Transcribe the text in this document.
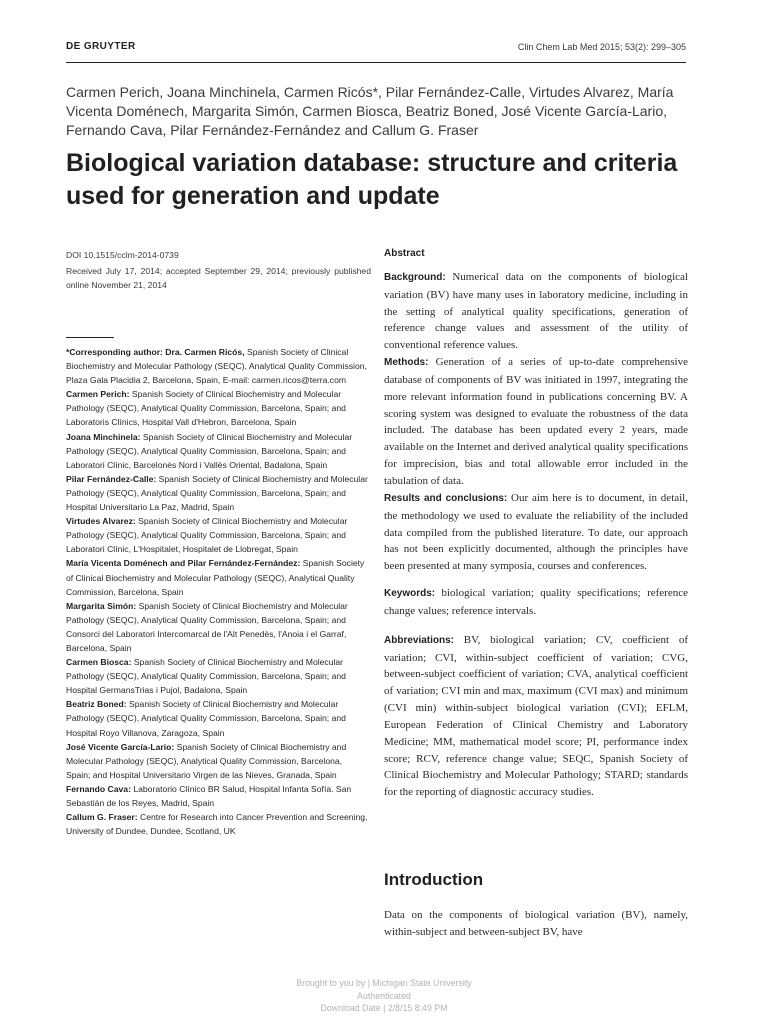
DE GRUYTER	Clin Chem Lab Med 2015; 53(2): 299–305
Carmen Perich, Joana Minchinela, Carmen Ricós*, Pilar Fernández-Calle, Virtudes Alvarez, María Vicenta Doménech, Margarita Simón, Carmen Biosca, Beatriz Boned, José Vicente García-Lario, Fernando Cava, Pilar Fernández-Fernández and Callum G. Fraser
Biological variation database: structure and criteria used for generation and update
DOI 10.1515/cclm-2014-0739
Received July 17, 2014; accepted September 29, 2014; previously published online November 21, 2014

*Corresponding author: Dra. Carmen Ricós, Spanish Society of Clinical Biochemistry and Molecular Pathology (SEQC), Analytical Quality Commission, Plaza Gala Placidia 2, Barcelona, Spain, E-mail: carmen.ricos@terra.com

Carmen Perich: Spanish Society of Clinical Biochemistry and Molecular Pathology (SEQC), Analytical Quality Commission, Barcelona, Spain; and Laboratoris Clínics, Hospital Vall d'Hebron, Barcelona, Spain

Joana Minchinela: Spanish Society of Clinical Biochemistry and Molecular Pathology (SEQC), Analytical Quality Commission, Barcelona, Spain; and Laboratori Clínic, Barcelonès Nord i Vallès Oriental, Badalona, Spain

Pilar Fernández-Calle: Spanish Society of Clinical Biochemistry and Molecular Pathology (SEQC), Analytical Quality Commission, Barcelona, Spain; and Hospital Universitario La Paz, Madrid, Spain

Virtudes Alvarez: Spanish Society of Clinical Biochemistry and Molecular Pathology (SEQC), Analytical Quality Commission, Barcelona, Spain; and Laboratori Clínic, L'Hospitalet, Hospitalet de Llobregat, Spain

María Vicenta Doménech and Pilar Fernández-Fernández: Spanish Society of Clinical Biochemistry and Molecular Pathology (SEQC), Analytical Quality Commission, Barcelona, Spain

Margarita Simón: Spanish Society of Clinical Biochemistry and Molecular Pathology (SEQC), Analytical Quality Commission, Barcelona, Spain; and Consorci del Laboratori Intercomarcal de l'Alt Penedès, l'Anoia i el Garraf, Barcelona, Spain

Carmen Biosca: Spanish Society of Clinical Biochemistry and Molecular Pathology (SEQC), Analytical Quality Commission, Barcelona, Spain; and Hospital GermansTrias i Pujol, Badalona, Spain

Beatriz Boned: Spanish Society of Clinical Biochemistry and Molecular Pathology (SEQC), Analytical Quality Commission, Barcelona, Spain; and Hospital Royo Villanova, Zaragoza, Spain

José Vicente García-Lario: Spanish Society of Clinical Biochemistry and Molecular Pathology (SEQC), Analytical Quality Commission, Barcelona, Spain; and Hospital Universitario Virgen de las Nieves, Granada, Spain

Fernando Cava: Laboratorio Clínico BR Salud, Hospital Infanta Sofía. San Sebastián de los Reyes, Madrid, Spain

Callum G. Fraser: Centre for Research into Cancer Prevention and Screening, University of Dundee, Dundee, Scotland, UK

Abstract

Background: Numerical data on the components of biological variation (BV) have many uses in laboratory medicine, including in the setting of analytical quality specifications, generation of reference change values and assessment of the utility of conventional reference values.

Methods: Generation of a series of up-to-date comprehensive database of components of BV was initiated in 1997, integrating the more relevant information found in publications concerning BV. A scoring system was designed to evaluate the robustness of the data included. The database has been updated every 2 years, made available on the Internet and derived analytical quality specifications for imprecision, bias and total allowable error included in the tabulation of data.

Results and conclusions: Our aim here is to document, in detail, the methodology we used to evaluate the reliability of the included data compiled from the published literature. To date, our approach has not been explicitly documented, although the principles have been presented at many symposia, courses and conferences.

Keywords: biological variation; quality specifications; reference change values; reference intervals.

Abbreviations: BV, biological variation; CV, coefficient of variation; CVI, within-subject coefficient of variation; CVG, between-subject coefficient of variation; CVA, analytical coefficient of variation; CVI min and max, maximum (CVI max) and minimum (CVI min) within-subject biological variation (CVI); EFLM, European Federation of Clinical Chemistry and Laboratory Medicine; MM, mathematical model score; PI, performance index score; RCV, reference change value; SEQC, Spanish Society of Clinical Biochemistry and Molecular Pathology; STARD; standards for the reporting of diagnostic accuracy studies.

Introduction

Data on the components of biological variation (BV), namely, within-subject and between-subject BV, have

Brought to you by | Michigan State University
Authenticated
Download Date | 2/8/15 8:49 PM
